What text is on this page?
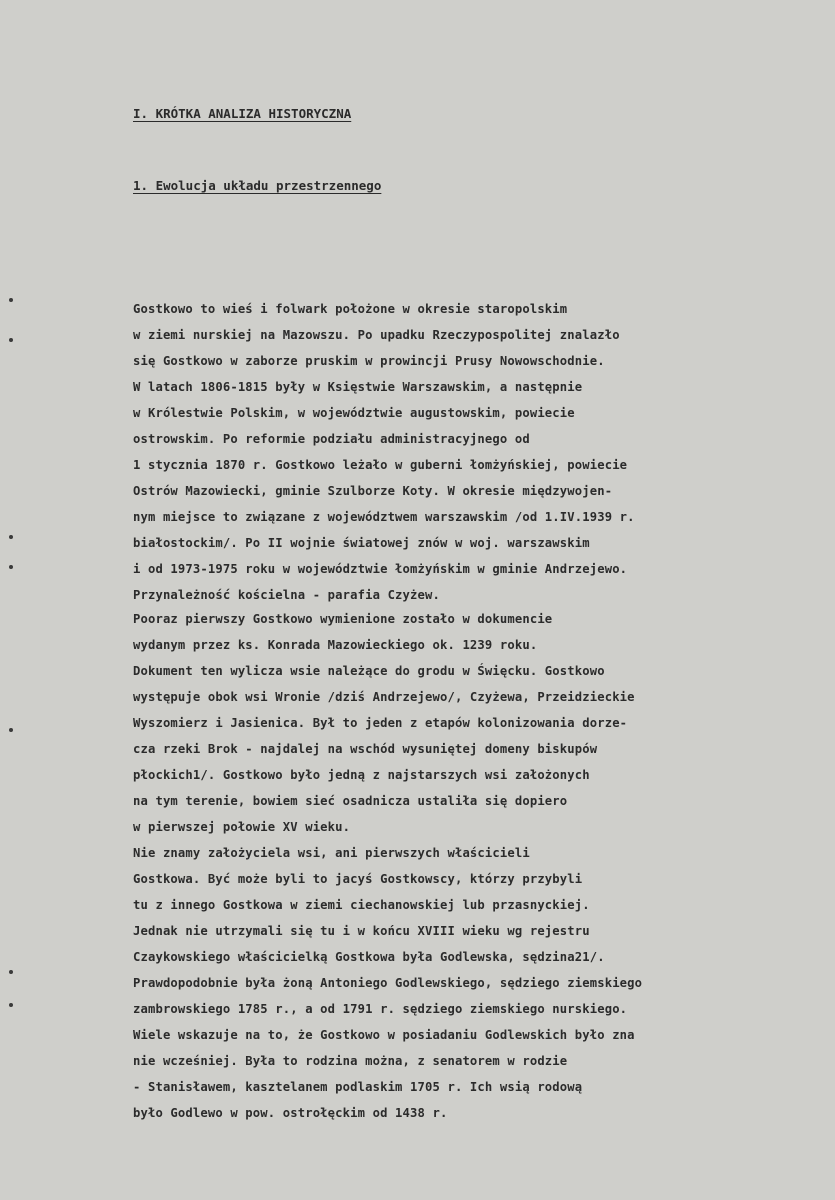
I. KRÓTKA ANALIZA HISTORYCZNA

1. Ewolucja układu przestrzennego

Gostkowo to wieś i folwark położone w okresie staropolskim
w ziemi nurskiej na Mazowszu. Po upadku Rzeczypospolitej znalazło
się Gostkowo w zaborze pruskim w prowincji Prusy Nowowschodnie.
W latach 1806-1815 były w Księstwie Warszawskim, a następnie
w Królestwie Polskim, w województwie augustowskim, powiecie
ostrowskim. Po reformie podziału administracyjnego od
1 stycznia 1870 r. Gostkowo leżało w guberni łomżyńskiej, powiecie
Ostrów Mazowiecki, gminie Szulborze Koty. W okresie międzywojen-
nym miejsce to związane z województwem warszawskim /od 1.IV.1939 r.
białostockim/. Po II wojnie światowej znów w woj. warszawskim
i od 1973-1975 roku w województwie łomżyńskim w gminie Andrzejewo.
Przynależność kościelna - parafia Czyżew.
Pooraz pierwszy Gostkowo wymienione zostało w dokumencie
wydanym przez ks. Konrada Mazowieckiego ok. 1239 roku.
Dokument ten wylicza wsie należące do grodu w Święcku. Gostkowo
występuje obok wsi Wronie /dziś Andrzejewo/, Czyżewa, Przeidzieckie
Wyszomierz i Jasienica. Był to jeden z etapów kolonizowania dorze-
cza rzeki Brok - najdalej na wschód wysuniętej domeny biskupów
płockich1/. Gostkowo było jedną z najstarszych wsi założonych
na tym terenie, bowiem sieć osadnicza ustaliła się dopiero
w pierwszej połowie XV wieku.
Nie znamy założyciela wsi, ani pierwszych właścicieli
Gostkowa. Być może byli to jacyś Gostkowscy, którzy przybyli
tu z innego Gostkowa w ziemi ciechanowskiej lub przasnyckiej.
Jednak nie utrzymali się tu i w końcu XVIII wieku wg rejestru
Czaykowskiego właścicielką Gostkowa była Godlewska, sędzina21/.
Prawdopodobnie była żoną Antoniego Godlewskiego, sędziego ziemskiego
zambrowskiego 1785 r., a od 1791 r. sędziego ziemskiego nurskiego.
Wiele wskazuje na to, że Gostkowo w posiadaniu Godlewskich było zna
nie wcześniej. Była to rodzina można, z senatorem w rodzie
- Stanisławem, kasztelanem podlaskim 1705 r. Ich wsią rodową
było Godlewo w pow. ostrołęckim od 1438 r.
